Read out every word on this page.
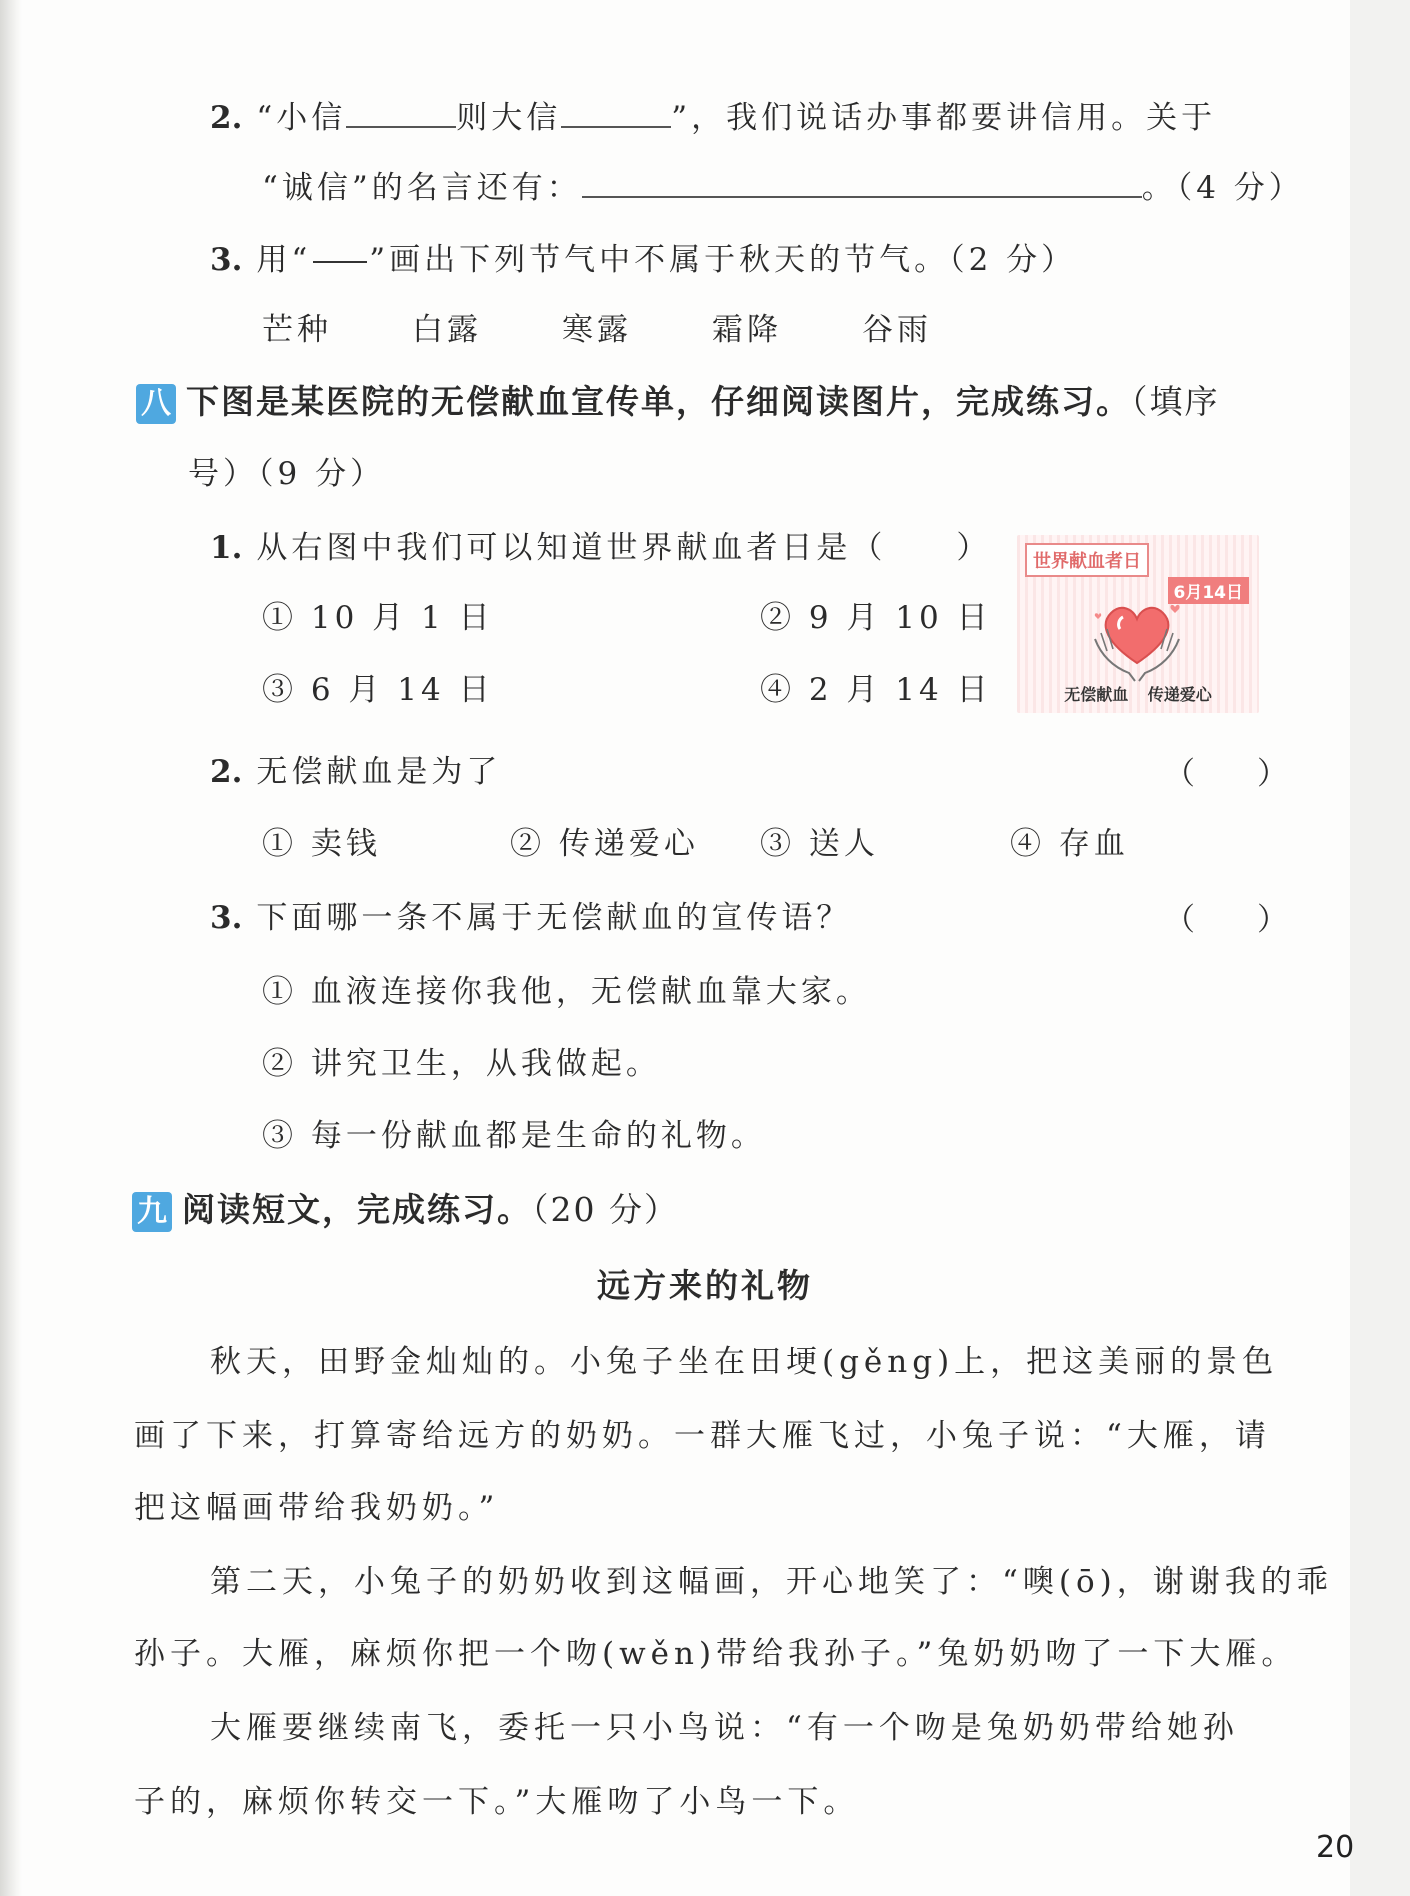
2. “小信	则大信	”，我们说话办事都要讲信用。关于
“诚信”的名言还有：	。（4 分）
3. 用“ ”画出下列节气中不属于秋天的节气。（2 分）
芒种	白露	寒露	霜降	谷雨
八 下图是某医院的无偿献血宣传单，仔细阅读图片，完成练习。（填序
号）（9 分）
1. 从右图中我们可以知道世界献血者日是（　　）
① 10 月 1 日	② 9 月 10 日
③ 6 月 14 日	④ 2 月 14 日
世界献血者日
6月14日
无偿献血 传递爱心
2. 无偿献血是为了	（　　）
① 卖钱	② 传递爱心 ③ 送人	④ 存血
3. 下面哪一条不属于无偿献血的宣传语？	（　　）
① 血液连接你我他，无偿献血靠大家。
② 讲究卫生，从我做起。
③ 每一份献血都是生命的礼物。
九 阅读短文，完成练习。（20 分）
远方来的礼物
秋天，田野金灿灿的。小兔子坐在田埂(gěng)上，把这美丽的景色
画了下来，打算寄给远方的奶奶。一群大雁飞过，小兔子说：“大雁，请
把这幅画带给我奶奶。”
第二天，小兔子的奶奶收到这幅画，开心地笑了：“噢(ō)，谢谢我的乖
孙子。大雁，麻烦你把一个吻(wěn)带给我孙子。”兔奶奶吻了一下大雁。
大雁要继续南飞，委托一只小鸟说：“有一个吻是兔奶奶带给她孙
子的，麻烦你转交一下。”大雁吻了小鸟一下。
20
